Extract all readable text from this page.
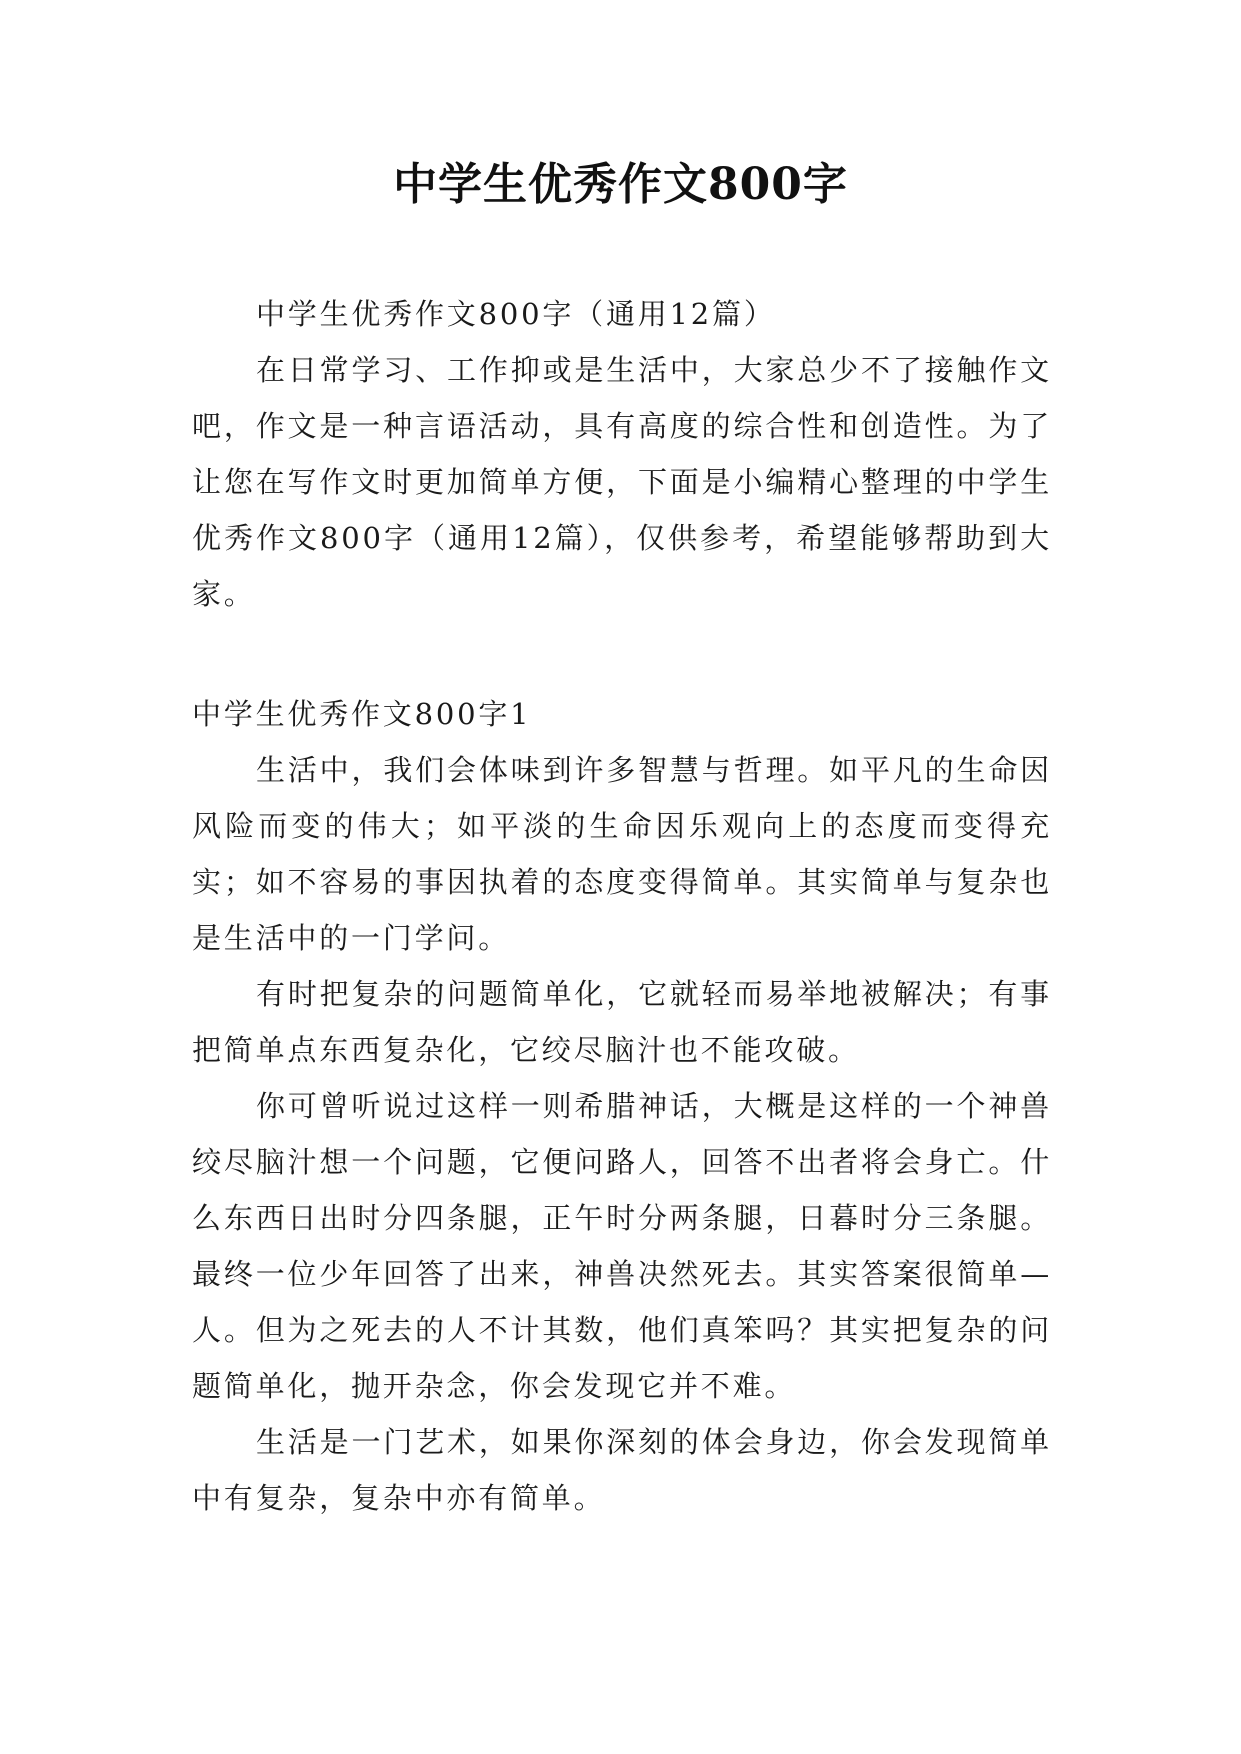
中学生优秀作文800字

中学生优秀作文800字（通用12篇）

在日常学习、工作抑或是生活中，大家总少不了接触作文吧，作文是一种言语活动，具有高度的综合性和创造性。为了让您在写作文时更加简单方便，下面是小编精心整理的中学生优秀作文800字（通用12篇），仅供参考，希望能够帮助到大家。

中学生优秀作文800字1

生活中，我们会体味到许多智慧与哲理。如平凡的生命因风险而变的伟大；如平淡的生命因乐观向上的态度而变得充实；如不容易的事因执着的态度变得简单。其实简单与复杂也是生活中的一门学问。

有时把复杂的问题简单化，它就轻而易举地被解决；有事把简单点东西复杂化，它绞尽脑汁也不能攻破。

你可曾听说过这样一则希腊神话，大概是这样的一个神兽绞尽脑汁想一个问题，它便问路人，回答不出者将会身亡。什么东西日出时分四条腿，正午时分两条腿，日暮时分三条腿。最终一位少年回答了出来，神兽决然死去。其实答案很简单—人。但为之死去的人不计其数，他们真笨吗？其实把复杂的问题简单化，抛开杂念，你会发现它并不难。

生活是一门艺术，如果你深刻的体会身边，你会发现简单中有复杂，复杂中亦有简单。
